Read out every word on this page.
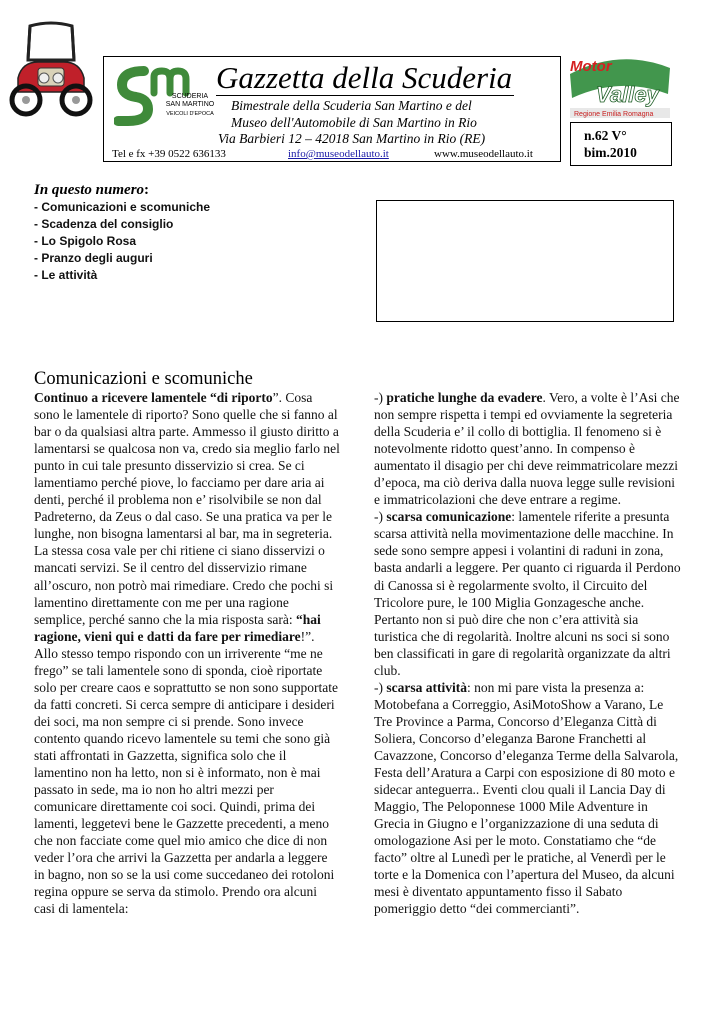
SCUDERIA
SAN MARTINO
VEICOLI D'EPOCA
Gazzetta della Scuderia
Bimestrale della Scuderia San Martino e del
Museo dell'Automobile di San Martino in Rio
Via Barbieri 12 – 42018 San Martino in Rio (RE)
Tel e fx +39 0522 636133	info@museodellauto.it	www.museodellauto.it
Motor
Valley
Regione Emilia Romagna
n.62 V°
bim.2010
In questo numero:
- Comunicazioni e scomuniche
- Scadenza del consiglio
- Lo Spigolo Rosa
- Pranzo degli auguri
- Le attività
Comunicazioni e scomuniche

Continuo a ricevere lamentele “di riporto”. Cosa sono le lamentele di riporto? Sono quelle che si fanno al bar o da qualsiasi altra parte. Ammesso il giusto diritto a lamentarsi se qualcosa non va, credo sia meglio farlo nel punto in cui tale presunto disservizio si crea. Se ci lamentiamo perché piove, lo facciamo per dare aria ai denti, perché il problema non e’ risolvibile se non dal Padreterno, da Zeus o dal caso. Se una pratica va per le lunghe, non bisogna lamentarsi al bar, ma in segreteria. La stessa cosa vale per chi ritiene ci siano disservizi o mancati servizi. Se il centro del disservizio rimane all’oscuro, non potrò mai rimediare. Credo che pochi si lamentino direttamente con me per una ragione semplice, perché sanno che la mia risposta sarà: “hai ragione, vieni qui e datti da fare per rimediare!”. Allo stesso tempo rispondo con un irriverente “me ne frego” se tali lamentele sono di sponda, cioè riportate solo per creare caos e soprattutto se non sono supportate da fatti concreti. Si cerca sempre di anticipare i desideri dei soci, ma non sempre ci si prende. Sono invece contento quando ricevo lamentele su temi che sono già stati affrontati in Gazzetta, significa solo che il lamentino non ha letto, non si è informato, non è mai passato in sede, ma io non ho altri mezzi per comunicare direttamente coi soci. Quindi, prima dei lamenti, leggetevi bene le Gazzette precedenti, a meno che non facciate come quel mio amico che dice di non veder l’ora che arrivi la Gazzetta per andarla a leggere in bagno, non so se la usi come succedaneo dei rotoloni regina oppure se serva da stimolo. Prendo ora alcuni casi di lamentela:

-) pratiche lunghe da evadere. Vero, a volte è l’Asi che non sempre rispetta i tempi ed ovviamente la segreteria della Scuderia e’ il collo di bottiglia. Il fenomeno si è notevolmente ridotto quest’anno. In compenso è aumentato il disagio per chi deve reimmatricolare mezzi d’epoca, ma ciò deriva dalla nuova legge sulle revisioni e immatricolazioni che deve entrare a regime.

-) scarsa comunicazione: lamentele riferite a presunta scarsa attività nella movimentazione delle macchine. In sede sono sempre appesi i volantini di raduni in zona, basta andarli a leggere. Per quanto ci riguarda il Perdono di Canossa si è regolarmente svolto, il Circuito del Tricolore pure, le 100 Miglia Gonzagesche anche. Pertanto non si può dire che non c’era attività sia turistica che di regolarità. Inoltre alcuni ns soci si sono ben classificati in gare di regolarità organizzate da altri club.

-) scarsa attività: non mi pare vista la presenza a: Motobefana a Correggio, AsiMotoShow a Varano, Le Tre Province a Parma, Concorso d’Eleganza Città di Soliera, Concorso d’eleganza Barone Franchetti al Cavazzone, Concorso d’eleganza Terme della Salvarola, Festa dell’Aratura a Carpi con esposizione di 80 moto e sidecar anteguerra.. Eventi clou quali il Lancia Day di Maggio, The Peloponnese 1000 Mile Adventure in Grecia in Giugno e l’organizzazione di una seduta di omologazione Asi per le moto. Constatiamo che “de facto” oltre al Lunedì per le pratiche, al Venerdì per le torte e la Domenica con l’apertura del Museo, da alcuni mesi è diventato appuntamento fisso il Sabato pomeriggio detto “dei commercianti”.
